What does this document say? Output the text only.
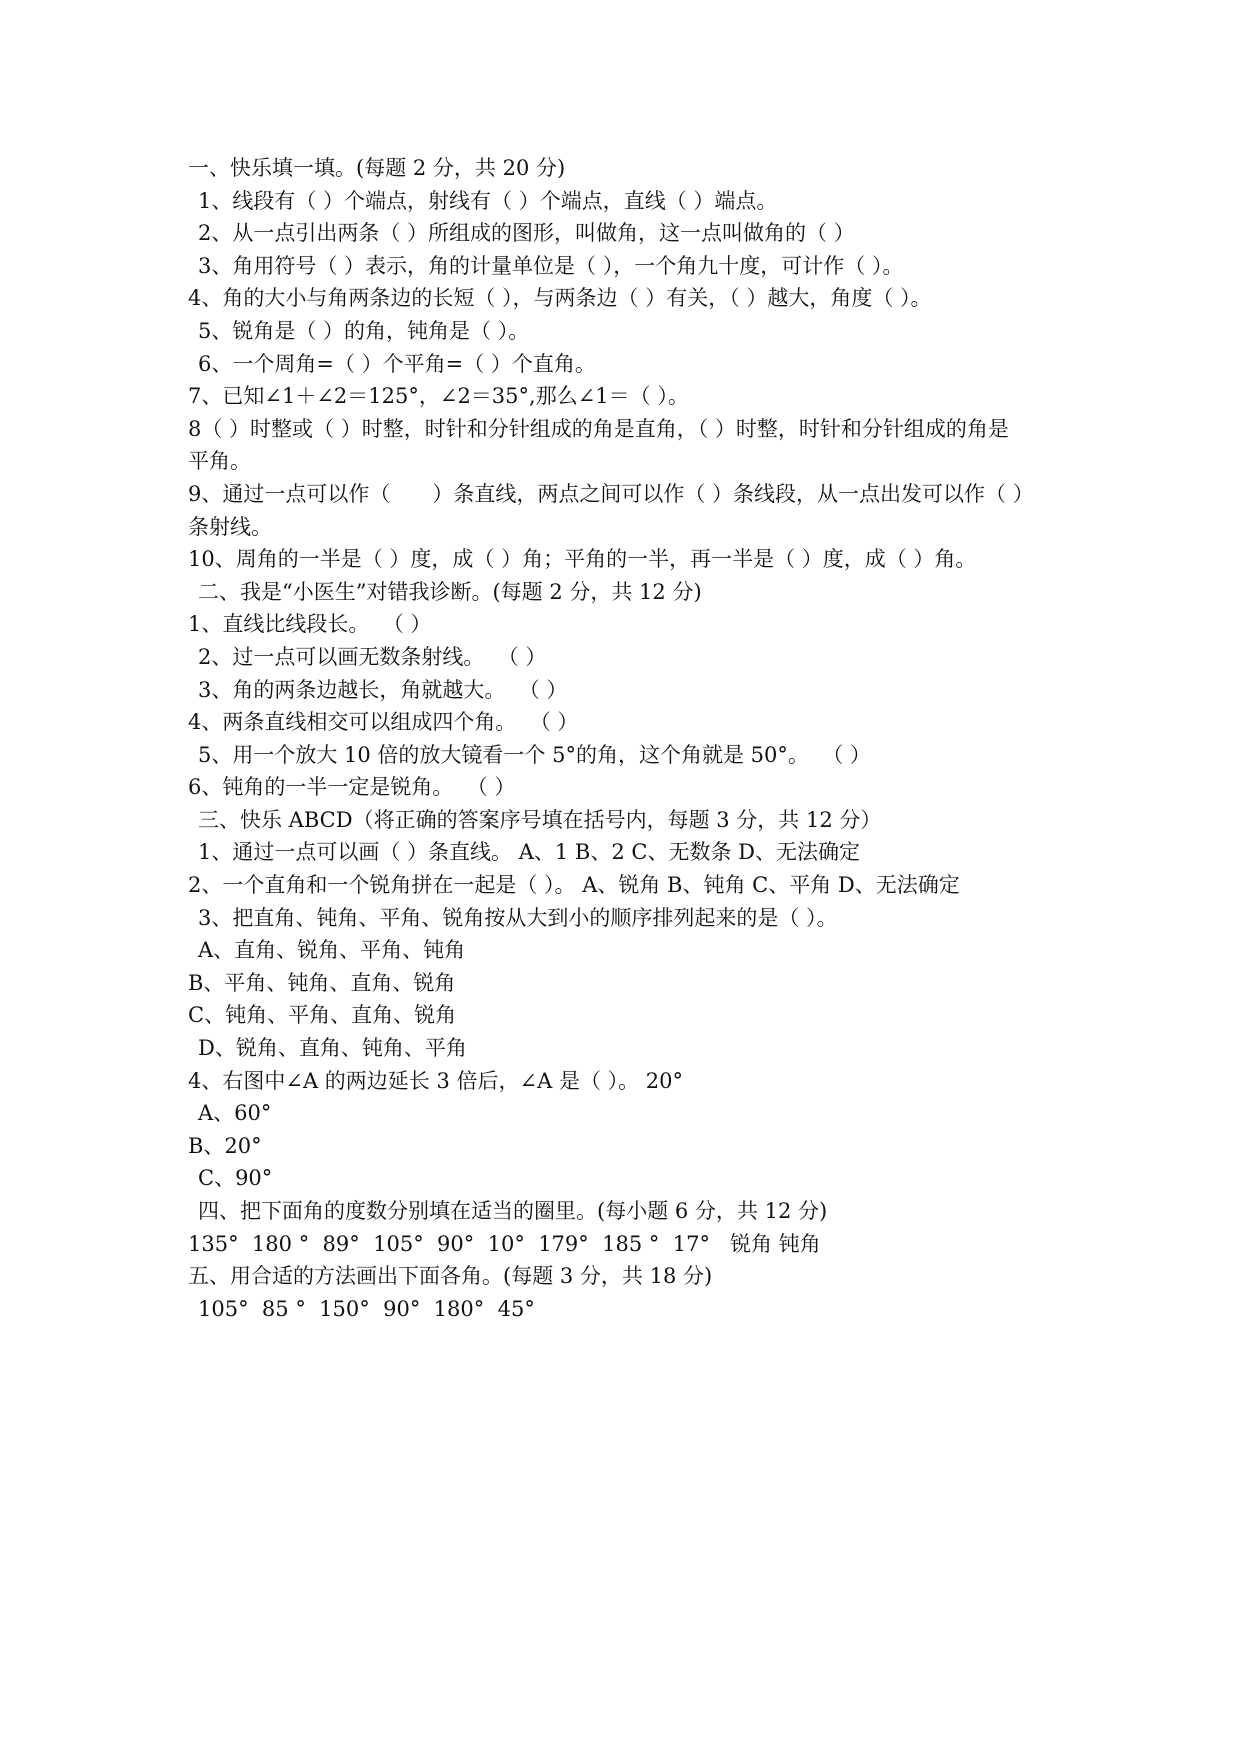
一、快乐填一填。(每题 2 分，共 20 分)
1、线段有（ ）个端点，射线有（ ）个端点，直线（ ）端点。
2、从一点引出两条（ ）所组成的图形，叫做角，这一点叫做角的（ ）
3、角用符号（ ）表示，角的计量单位是（ ），一个角九十度，可计作（ ）。
4、角的大小与角两条边的长短（ ），与两条边（ ）有关，（ ）越大，角度（ ）。
5、锐角是（ ）的角，钝角是（ ）。
6、一个周角=（ ）个平角=（ ）个直角。
7、已知∠1＋∠2＝125°，∠2＝35°,那么∠1＝（ ）。
8（ ）时整或（ ）时整，时针和分针组成的角是直角，（ ）时整，时针和分针组成的角是
平角。
9、通过一点可以作（　　）条直线，两点之间可以作（ ）条线段，从一点出发可以作（ ）
条射线。
10、周角的一半是（ ）度，成（ ）角；平角的一半，再一半是（ ）度，成（ ）角。
二、我是“小医生”对错我诊断。(每题 2 分，共 12 分)
1、直线比线段长。  （ ）
2、过一点可以画无数条射线。  （ ）
3、角的两条边越长，角就越大。  （ ）
4、两条直线相交可以组成四个角。  （ ）
5、用一个放大 10 倍的放大镜看一个 5°的角，这个角就是 50°。  （ ）
6、钝角的一半一定是锐角。  （ ）
三、快乐 ABCD（将正确的答案序号填在括号内，每题 3 分，共 12 分）
1、通过一点可以画（ ）条直线。 A、1 B、2 C、无数条 D、无法确定
2、一个直角和一个锐角拼在一起是（ ）。 A、锐角 B、钝角 C、平角 D、无法确定
3、把直角、钝角、平角、锐角按从大到小的顺序排列起来的是（ ）。
A、直角、锐角、平角、钝角
B、平角、钝角、直角、锐角
C、钝角、平角、直角、锐角
D、锐角、直角、钝角、平角
4、右图中∠A 的两边延长 3 倍后，∠A 是（ ）。 20°
A、60°
B、20°
C、90°
四、把下面角的度数分别填在适当的圈里。(每小题 6 分，共 12 分)
135°  180 °  89°  105°  90°  10°  179°  185 °  17°   锐角 钝角
五、用合适的方法画出下面各角。(每题 3 分，共 18 分)
105°  85 °  150°  90°  180°  45°
